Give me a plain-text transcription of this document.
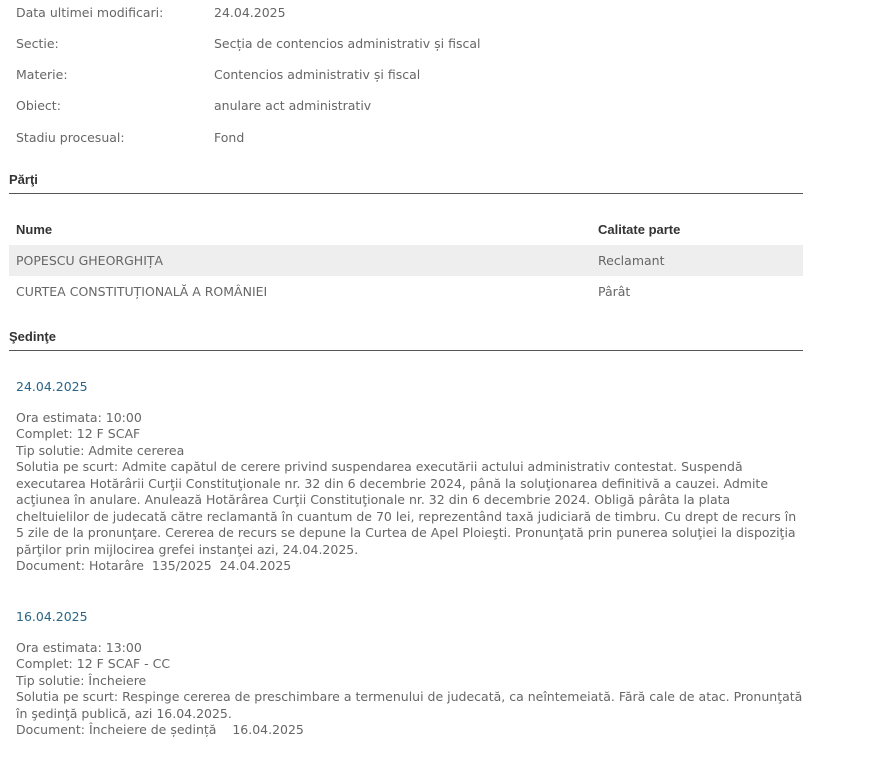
Data ultimei modificari:	24.04.2025
Sectie:	Secția de contencios administrativ și fiscal
Materie:	Contencios administrativ și fiscal
Obiect:	anulare act administrativ
Stadiu procesual:	Fond
Părţi
Nume	Calitate parte
POPESCU GHEORGHIȚA	Reclamant
CURTEA CONSTITUȚIONALĂ A ROMÂNIEI	Pârât
Şedinţe
24.04.2025
Ora estimata: 10:00
Complet: 12 F SCAF
Tip solutie: Admite cererea
Solutia pe scurt: Admite capătul de cerere privind suspendarea executării actului administrativ contestat. Suspendă executarea Hotărârii Curţii Constituţionale nr. 32 din 6 decembrie 2024, până la soluţionarea definitivă a cauzei. Admite acţiunea în anulare. Anulează Hotărârea Curţii Constituţionale nr. 32 din 6 decembrie 2024. Obligă pârâta la plata cheltuielilor de judecată către reclamantă în cuantum de 70 lei, reprezentând taxă judiciară de timbru. Cu drept de recurs în 5 zile de la pronunţare. Cererea de recurs se depune la Curtea de Apel Ploieşti. Pronunţată prin punerea soluţiei la dispoziţia părţilor prin mijlocirea grefei instanţei azi, 24.04.2025.
Document: Hotarâre  135/2025  24.04.2025
16.04.2025
Ora estimata: 13:00
Complet: 12 F SCAF - CC
Tip solutie: Încheiere
Solutia pe scurt: Respinge cererea de preschimbare a termenului de judecată, ca neîntemeiată. Fără cale de atac. Pronunţată în şedinţă publică, azi 16.04.2025.
Document: Încheiere de ședință    16.04.2025
